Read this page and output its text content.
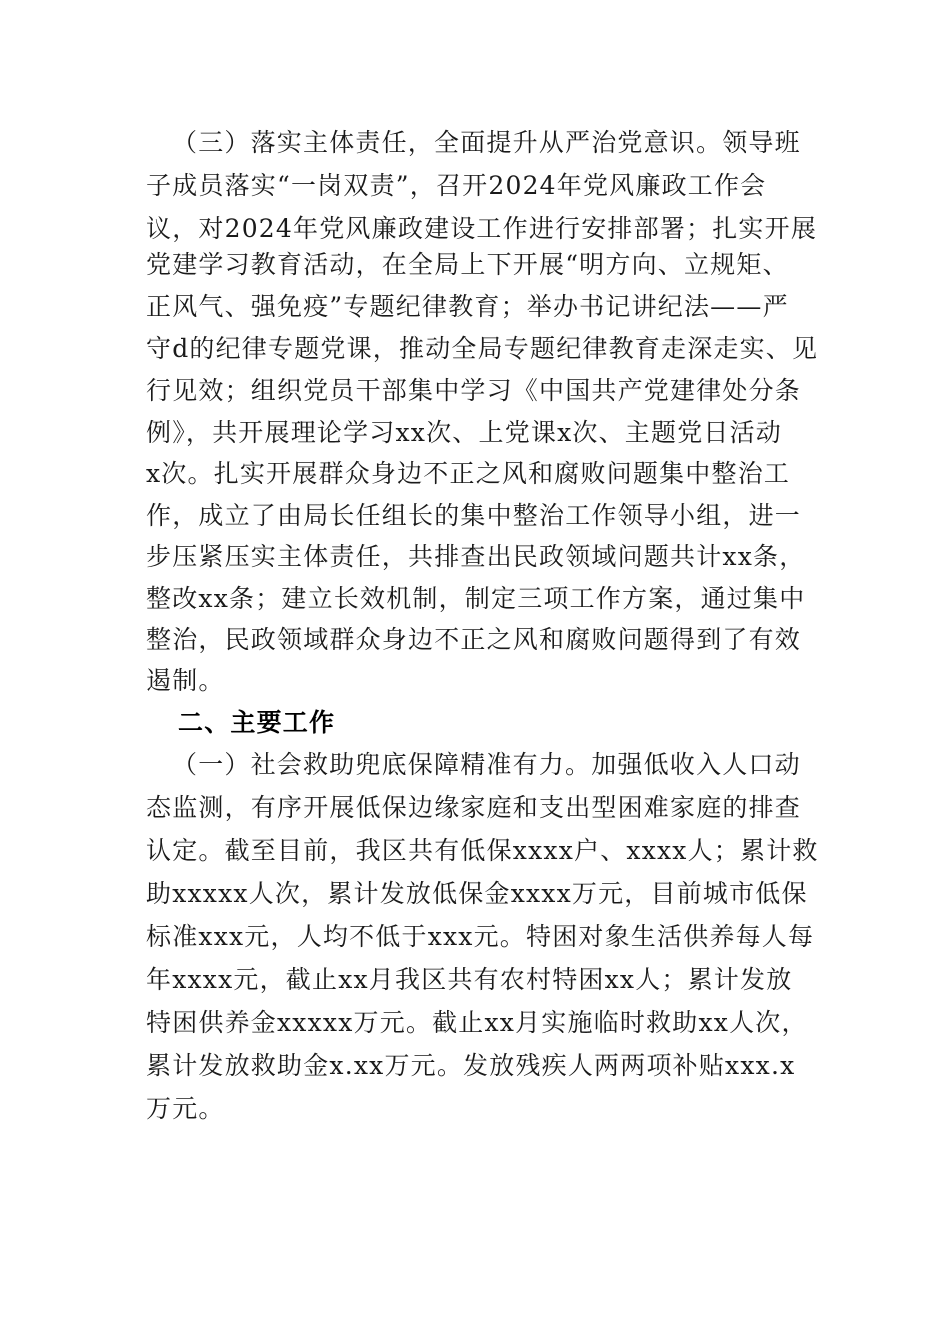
（三）落实主体责任，全面提升从严治党意识。领导班
子成员落实“一岗双责”，召开2024年党风廉政工作会
议，对2024年党风廉政建设工作进行安排部署；扎实开展
党建学习教育活动，在全局上下开展“明方向、立规矩、
正风气、强免疫”专题纪律教育；举办书记讲纪法——严
守d的纪律专题党课，推动全局专题纪律教育走深走实、见
行见效；组织党员干部集中学习《中国共产党建律处分条
例》，共开展理论学习xx次、上党课x次、主题党日活动
x次。扎实开展群众身边不正之风和腐败问题集中整治工
作，成立了由局长任组长的集中整治工作领导小组，进一
步压紧压实主体责任，共排查出民政领域问题共计xx条，
整改xx条；建立长效机制，制定三项工作方案，通过集中
整治，民政领域群众身边不正之风和腐败问题得到了有效
遏制。
二、主要工作
（一）社会救助兜底保障精准有力。加强低收入人口动
态监测，有序开展低保边缘家庭和支出型困难家庭的排查
认定。截至目前，我区共有低保xxxx户、xxxx人；累计救
助xxxxx人次，累计发放低保金xxxx万元，目前城市低保
标准xxx元，人均不低于xxx元。特困对象生活供养每人每
年xxxx元，截止xx月我区共有农村特困xx人；累计发放
特困供养金xxxxx万元。截止xx月实施临时救助xx人次，
累计发放救助金x.xx万元。发放残疾人两两项补贴xxx.x
万元。
